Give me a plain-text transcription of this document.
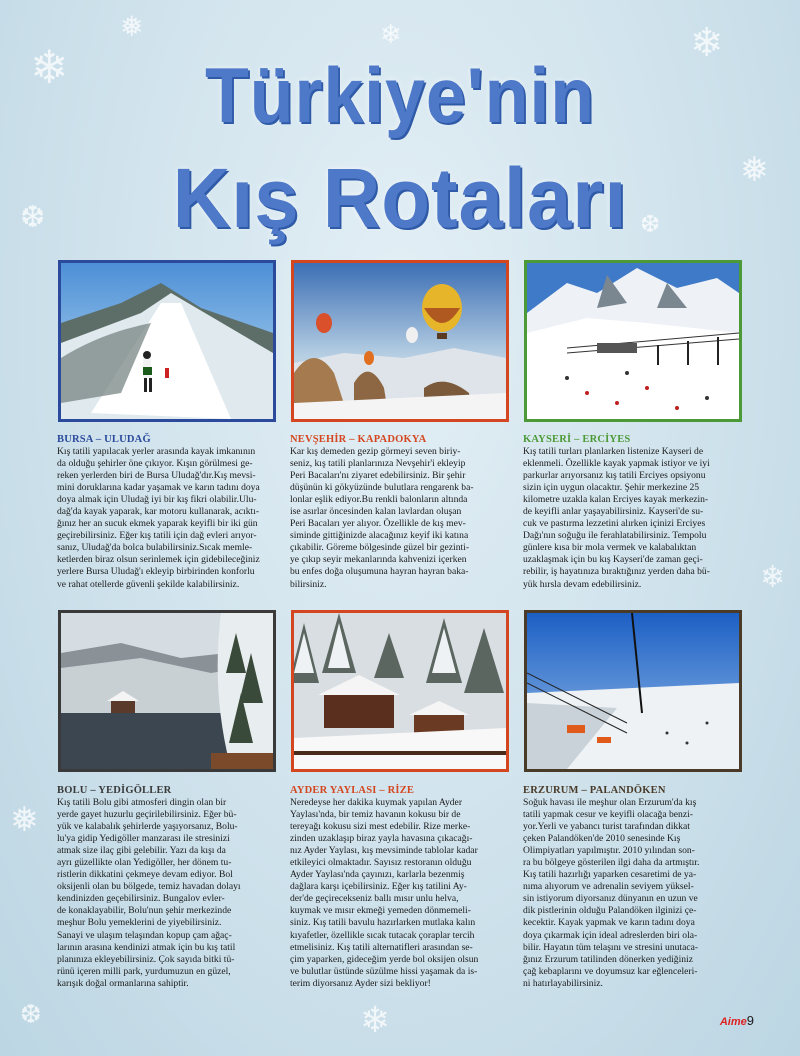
❄
❅	❄
❅
❆
❄
❆
❄
❅
❄
❆
Türkiye'nin
Kış Rotaları
BURSA – ULUDAĞ
Kış tatili yapılacak yerler arasında kayak imkanının
da olduğu şehirler öne çıkıyor. Kışın görülmesi ge-
reken yerlerden biri de Bursa Uludağ'dır.Kış mevsi-
mini doruklarına kadar yaşamak ve karın tadını doya
doya almak için Uludağ iyi bir kış fikri olabilir.Ulu-
dağ'da kayak yaparak, kar motoru kullanarak, acıktı-
ğınız her an sucuk ekmek yaparak keyifli bir iki gün
geçirebilirsiniz. Eğer kış tatili için dağ evleri arıyor-
sanız, Uludağ'da bolca bulabilirsiniz.Sıcak memle-
ketlerden biraz olsun serinlemek için gidebileceğiniz
yerlere Bursa Uludağ'ı ekleyip birbirinden konforlu
ve rahat otellerde güvenli şekilde kalabilirsiniz.
NEVŞEHİR – KAPADOKYA
Kar kış demeden gezip görmeyi seven biriy-
seniz, kış tatili planlarınıza Nevşehir'i ekleyip
Peri Bacaları'nı ziyaret edebilirsiniz. Bir şehir
düşünün ki gökyüzünde bulutlara rengarenk ba-
lonlar eşlik ediyor.Bu renkli balonların altında
ise asırlar öncesinden kalan lavlardan oluşan
Peri Bacaları yer alıyor. Özellikle de kış mev-
siminde gittiğinizde alacağınız keyif iki katına
çıkabilir. Göreme bölgesinde güzel bir gezinti-
ye çıkıp seyir mekanlarında kahvenizi içerken
bu enfes doğa oluşumuna hayran hayran baka-
bilirsiniz.
KAYSERİ – ERCİYES
Kış tatili turları planlarken listenize Kayseri de
eklenmeli. Özellikle kayak yapmak istiyor ve iyi
parkurlar arıyorsanız kış tatili Erciyes opsiyonu
sizin için uygun olacaktır. Şehir merkezine 25
kilometre uzakla kalan Erciyes kayak merkezin-
de keyifli anlar yaşayabilirsiniz. Kayseri'de su-
cuk ve pastırma lezzetini alırken içinizi Erciyes
Dağı'nın soğuğu ile ferahlatabilirsiniz. Tempolu
günlere kısa bir mola vermek ve kalabalıktan
uzaklaşmak için bu kış Kayseri'de zaman geçi-
rebilir, iş hayatınıza bıraktığınız yerden daha bü-
yük hırsla devam edebilirsiniz.
BOLU – YEDİGÖLLER
Kış tatili Bolu gibi atmosferi dingin olan bir
yerde gayet huzurlu geçirilebilirsiniz. Eğer bü-
yük ve kalabalık şehirlerde yaşıyorsanız, Bolu-
lu'ya gidip Yedigöller manzarası ile stresinizi
atmak size ilaç gibi gelebilir. Yazı da kışı da
ayrı güzellikte olan Yedigöller, her dönem tu-
ristlerin dikkatini çekmeye devam ediyor. Bol
oksijenli olan bu bölgede, temiz havadan dolayı
kendinizden geçebilirsiniz. Bungalov evler-
de konaklayabilir, Bolu'nun şehir merkezinde
meşhur Bolu yemeklerini de yiyebilirsiniz.
Sanayi ve ulaşım telaşından kopup çam ağaç-
larının arasına kendinizi atmak için bu kış tatil
planınıza ekleyebilirsiniz. Çok sayıda bitki tü-
rünü içeren milli park, yurdumuzun en güzel,
karışık doğal ormanlarına sahiptir.
AYDER YAYLASI – RİZE
Neredeyse her dakika kuymak yapılan Ayder
Yaylası'nda, bir temiz havanın kokusu bir de
tereyağı kokusu sizi mest edebilir. Rize merke-
zinden uzaklaşıp biraz yayla havasına çıkacağı-
nız Ayder Yaylası, kış mevsiminde tablolar kadar
etkileyici olmaktadır. Sayısız restoranın olduğu
Ayder Yaylası'nda çayınızı, karlarla bezenmiş
dağlara karşı içebilirsiniz. Eğer kış tatilini Ay-
der'de geçirecekseniz ballı mısır unlu helva,
kuymak ve mısır ekmeği yemeden dönmemeli-
siniz. Kış tatili bavulu hazırlarken mutlaka kalın
kıyafetler, özellikle sıcak tutacak çoraplar tercih
etmelisiniz. Kış tatili alternatifleri arasından se-
çim yaparken, gideceğim yerde bol oksijen olsun
ve bulutlar üstünde süzülme hissi yaşamak da is-
terim diyorsanız Ayder sizi bekliyor!
ERZURUM – PALANDÖKEN
Soğuk havası ile meşhur olan Erzurum'da kış
tatili yapmak cesur ve keyifli olacağa benzi-
yor.Yerli ve yabancı turist tarafından dikkat
çeken Palandöken'de 2010 senesinde Kış
Olimpiyatları yapılmıştır. 2010 yılından son-
ra bu bölgeye gösterilen ilgi daha da artmıştır.
Kış tatili hazırlığı yaparken cesaretimi de ya-
nıma alıyorum ve adrenalin seviyem yüksel-
sin istiyorum diyorsanız dünyanın en uzun ve
dik pistlerinin olduğu Palandöken ilginizi çe-
kecektir. Kayak yapmak ve karın tadını doya
doya çıkarmak için ideal adreslerden biri ola-
bilir. Hayatın tüm telaşını ve stresini unutaca-
ğınız Erzurum tatilinden dönerken yediğiniz
çağ kebaplarını ve doyumsuz kar eğlenceleri-
ni hatırlayabilirsiniz.
Aime9
